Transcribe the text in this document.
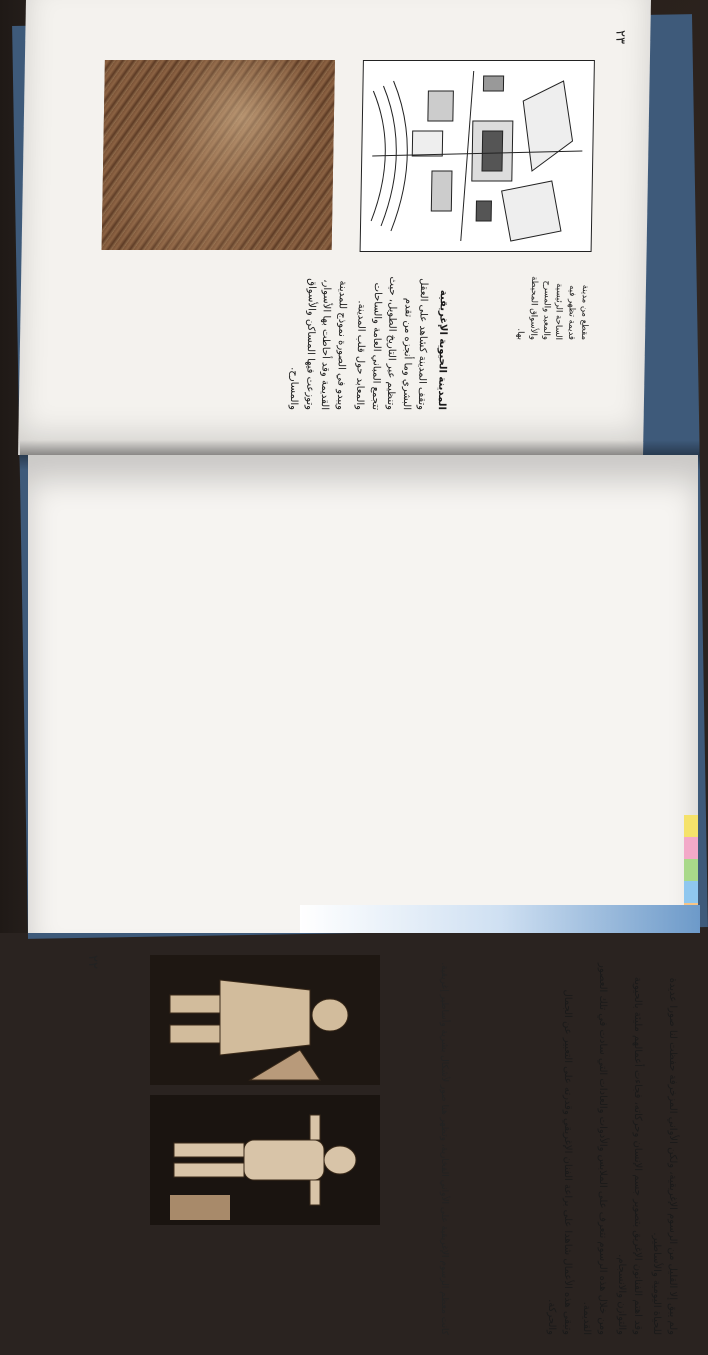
٢٣
مقطع من مدينة قديمة تظهر فيه الساحة الرئيسية والمعبد والمسرح والأسواق المحيطة بها.

المدينة الحيوية الإغريقية

وتقف المدينة كشاهد على العقل البشري وما أنجزه من تقدم وتنظيم عبر التاريخ الطويل، حيث تتجمع المباني العامة والساحات والمعابد حول قلب المدينة.

ويبدو في الصورة نموذج للمدينة القديمة وقد أحاطت بها الأسوار، وتوزعت فيها المساكن والأسواق والمسارح.

ولم يبق إلا القليل من الرسوم الإغريقية، ولكن الأواني المزخرفة حفظت لنا صورا عديدة للحياة اليومية والأساطير.

وقد اهتم الفنانون الإغريق بتصوير جسم الإنسان وحركاته، فجاءت أعمالهم مليئة بالحيوية والتوازن والانسجام.

ومن خلال هذه الرسوم نتعرف على الملابس والأدوات والعادات التي سادت في تلك العصور القديمة.

وتبقى هذه الأعمال شاهدا على براعة الفنان الإغريقي وقدرته على التعبير عن الجمال والحركة.

كانت معظم الرسوم الإغريقية على الأواني الفخارية، وتظهر هنا صور لأشكال بشرية وأساطير إغريقية.
٢٢
